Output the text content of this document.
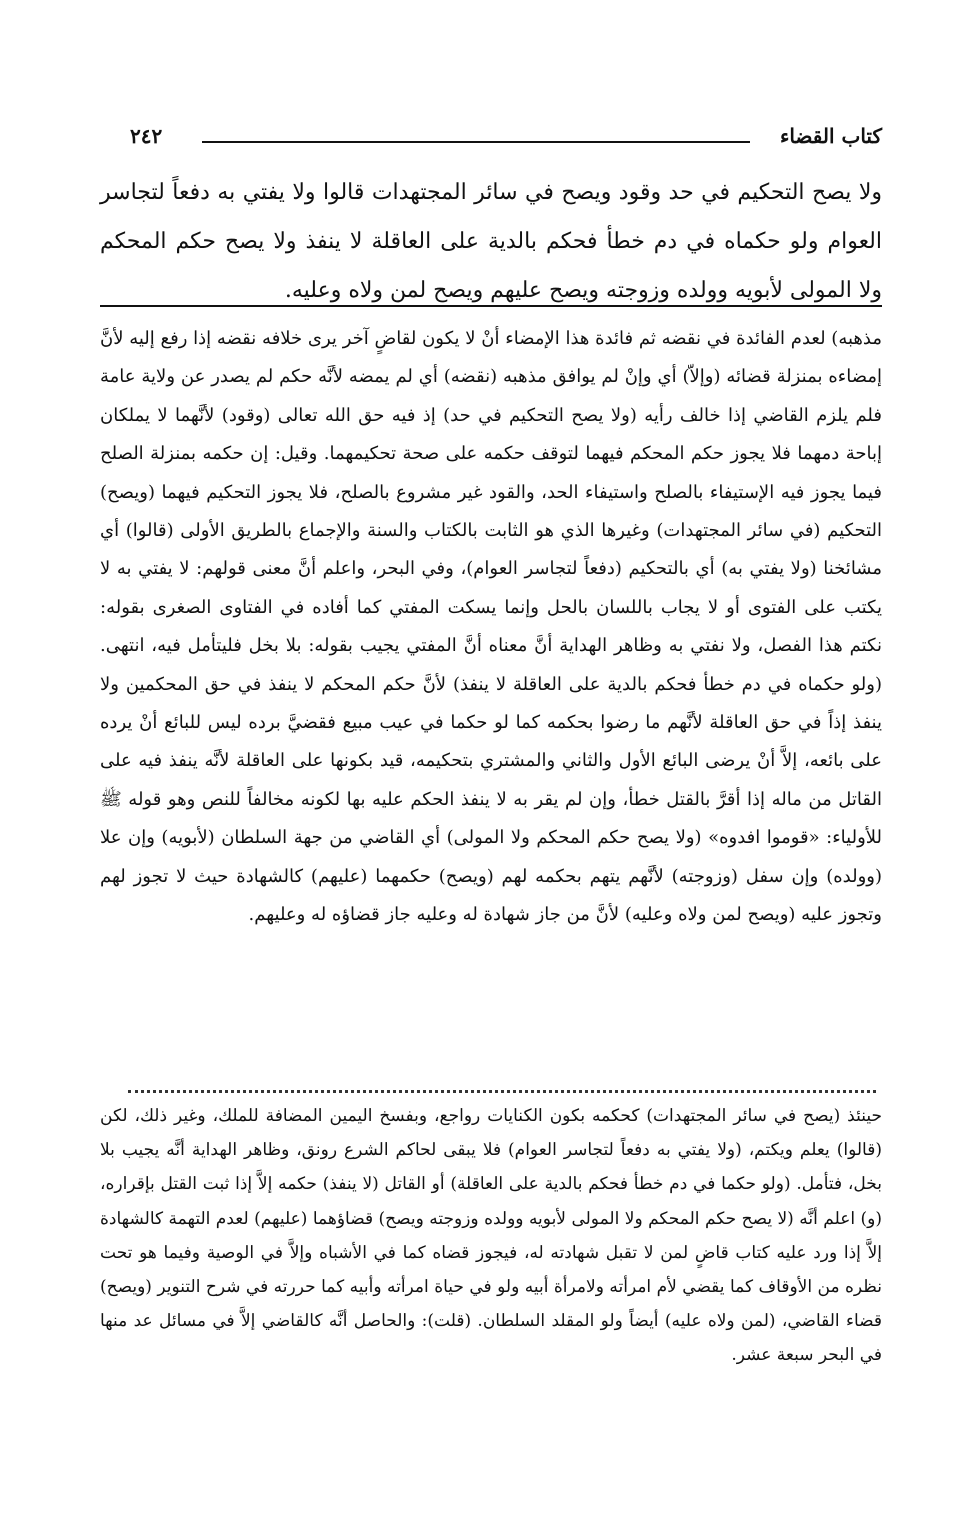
٢٤٢	كتاب القضاء

ولا يصح التحكيم في حد وقود ويصح في سائر المجتهدات قالوا ولا يفتي به دفعاً لتجاسر العوام ولو حكماه في دم خطأ فحكم بالدية على العاقلة لا ينفذ ولا يصح حكم المحكم ولا المولى لأبويه وولده وزوجته ويصح عليهم ويصح لمن ولاه وعليه.

مذهبه) لعدم الفائدة في نقضه ثم فائدة هذا الإمضاء أنْ لا يكون لقاضٍ آخر يرى خلافه نقضه إذا رفع إليه لأنَّ إمضاءه بمنزلة قضائه (وإلاّ) أي وإنْ لم يوافق مذهبه (نقضه) أي لم يمضه لأنَّه حكم لم يصدر عن ولاية عامة فلم يلزم القاضي إذا خالف رأيه (ولا يصح التحكيم في حد) إذ فيه حق الله تعالى (وقود) لأنَّهما لا يملكان إباحة دمهما فلا يجوز حكم المحكم فيهما لتوقف حكمه على صحة تحكيمهما. وقيل: إن حكمه بمنزلة الصلح فيما يجوز فيه الإستيفاء بالصلح واستيفاء الحد، والقود غير مشروع بالصلح، فلا يجوز التحكيم فيهما (ويصح) التحكيم (في سائر المجتهدات) وغيرها الذي هو الثابت بالكتاب والسنة والإجماع بالطريق الأولى (قالوا) أي مشائخنا (ولا يفتي به) أي بالتحكيم (دفعاً لتجاسر العوام)، وفي البحر، واعلم أنَّ معنى قولهم: لا يفتي به لا يكتب على الفتوى أو لا يجاب باللسان بالحل وإنما يسكت المفتي كما أفاده في الفتاوى الصغرى بقوله: نكتم هذا الفصل، ولا نفتي به وظاهر الهداية أنَّ معناه أنَّ المفتي يجيب بقوله: بلا بخل فليتأمل فيه، انتهى. (ولو حكماه في دم خطأ فحكم بالدية على العاقلة لا ينفذ) لأنَّ حكم المحكم لا ينفذ في حق المحكمين ولا ينفذ إذاً في حق العاقلة لأنَّهم ما رضوا بحكمه كما لو حكما في عيب مبيع فقضيَّ برده ليس للبائع أنْ يرده على بائعه، إلاَّ أنْ يرضى البائع الأول والثاني والمشتري بتحكيمه، قيد بكونها على العاقلة لأنَّه ينفذ فيه على القاتل من ماله إذا أقرَّ بالقتل خطأ، وإن لم يقر به لا ينفذ الحكم عليه بها لكونه مخالفاً للنص وهو قوله ﷺ للأولياء: «قوموا افدوه» (ولا يصح حكم المحكم ولا المولى) أي القاضي من جهة السلطان (لأبويه) وإن علا (وولده) وإن سفل (وزوجته) لأنَّهم يتهم بحكمه لهم (ويصح) حكمهما (عليهم) كالشهادة حيث لا تجوز لهم وتجوز عليه (ويصح لمن ولاه وعليه) لأنَّ من جاز شهادة له وعليه جاز قضاؤه له وعليهم.

حينئذ (يصح في سائر المجتهدات) كحكمه بكون الكنايات رواجع، وبفسخ اليمين المضافة للملك، وغير ذلك، لكن (قالوا) يعلم ويكتم، (ولا يفتي به دفعاً لتجاسر العوام) فلا يبقى لحاكم الشرع رونق، وظاهر الهداية أنَّه يجيب بلا بخل، فتأمل. (ولو حكما في دم خطأ فحكم بالدية على العاقلة) أو القاتل (لا ينفذ) حكمه إلاَّ إذا ثبت القتل بإقراره، (و) اعلم أنَّه (لا يصح حكم المحكم ولا المولى لأبويه وولده وزوجته ويصح) قضاؤهما (عليهم) لعدم التهمة كالشهادة إلاَّ إذا ورد عليه كتاب قاضٍ لمن لا تقبل شهادته له، فيجوز قضاه كما في الأشباه وإلاَّ في الوصية وفيما هو تحت نظره من الأوقاف كما يقضي لأم امرأته ولامرأة أبيه ولو في حياة امرأته وأبيه كما حررته في شرح التنوير (ويصح) قضاء القاضي، (لمن ولاه عليه) أيضاً ولو المقلد السلطان. (قلت): والحاصل أنَّه كالقاضي إلاَّ في مسائل عد منها في البحر سبعة عشر.
